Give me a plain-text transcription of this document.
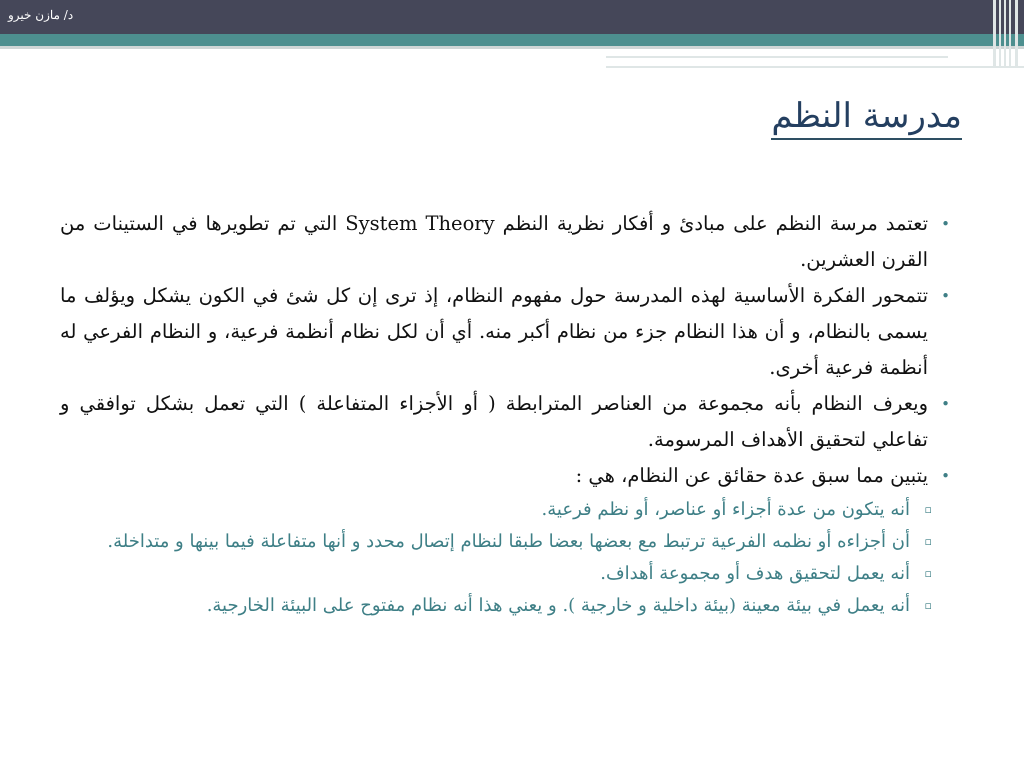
د/ مازن خيرو
مدرسة النظم

•
تعتمد مرسة النظم على مبادئ و أفكار نظرية النظم System Theory التي تم تطويرها في الستينات من القرن العشرين.

•
تتمحور الفكرة الأساسية لهذه المدرسة حول مفهوم النظام، إذ ترى إن كل شئ في الكون يشكل ويؤلف ما يسمى بالنظام، و أن هذا النظام جزء من نظام أكبر منه. أي أن لكل نظام أنظمة فرعية، و النظام الفرعي له أنظمة فرعية أخرى.

•
ويعرف النظام بأنه مجموعة من العناصر المترابطة ( أو الأجزاء المتفاعلة ) التي تعمل بشكل توافقي و تفاعلي لتحقيق الأهداف المرسومة.

•
يتبين مما سبق عدة حقائق عن النظام، هي :

▫
أنه يتكون من عدة أجزاء أو عناصر، أو نظم فرعية.

▫
أن أجزاءه أو نظمه الفرعية ترتبط مع بعضها بعضا طبقا لنظام إتصال محدد و أنها متفاعلة فيما بينها و متداخلة.

▫
أنه يعمل لتحقيق هدف أو مجموعة أهداف.

▫
أنه يعمل في بيئة معينة (بيئة داخلية و خارجية ). و يعني هذا أنه نظام مفتوح على البيئة الخارجية.
